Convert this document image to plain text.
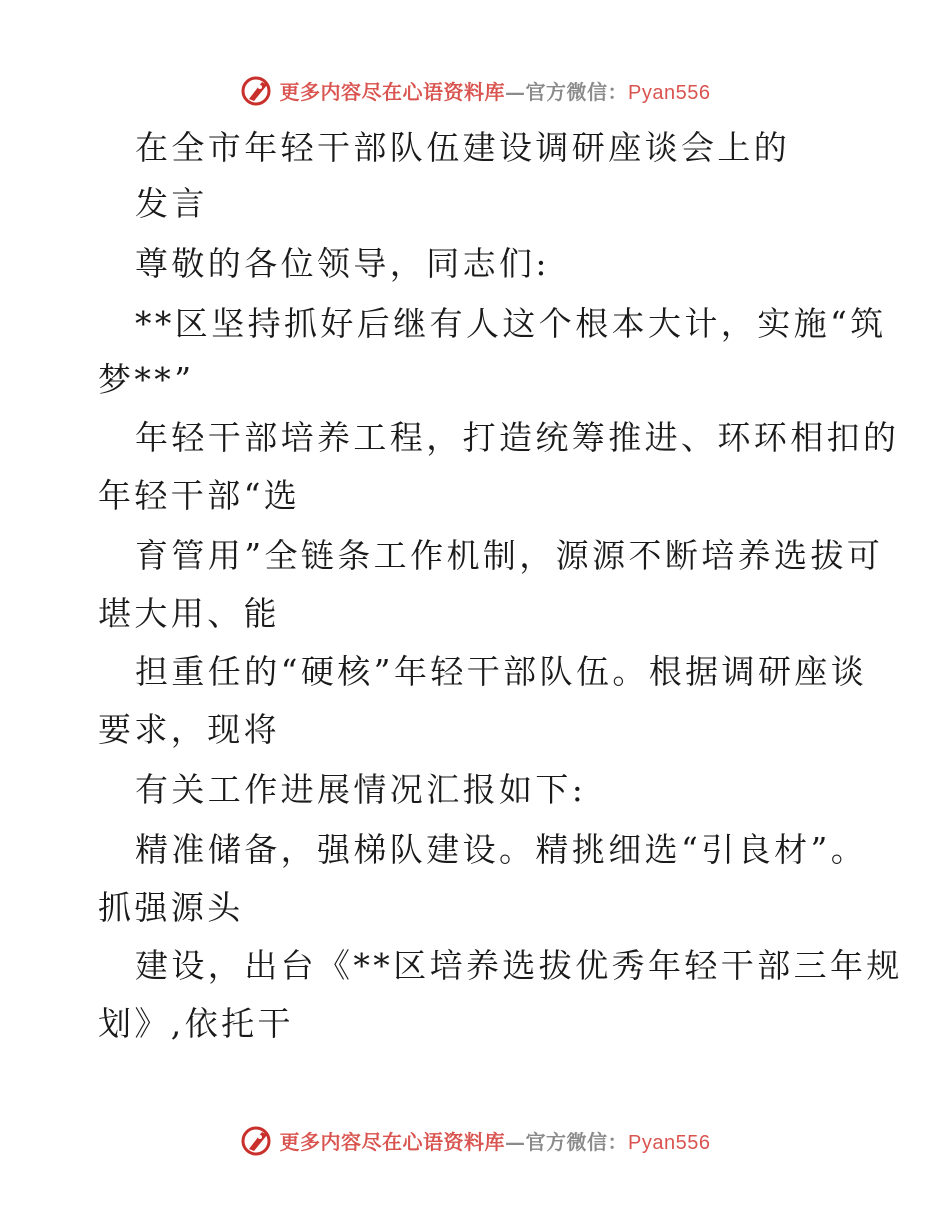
更多内容尽在心语资料库—官方微信：Pyan556
在全市年轻干部队伍建设调研座谈会上的
发言
尊敬的各位领导，同志们:
**区坚持抓好后继有人这个根本大计，实施“筑
梦**”
年轻干部培养工程，打造统筹推进、环环相扣的
年轻干部“选
育管用”全链条工作机制，源源不断培养选拔可
堪大用、能
担重任的“硬核”年轻干部队伍。根据调研座谈
要求，现将
有关工作进展情况汇报如下:
精准储备，强梯队建设。精挑细选“引良材”。
抓强源头
建设，出台《**区培养选拔优秀年轻干部三年规
划》,依托干
更多内容尽在心语资料库—官方微信：Pyan556
